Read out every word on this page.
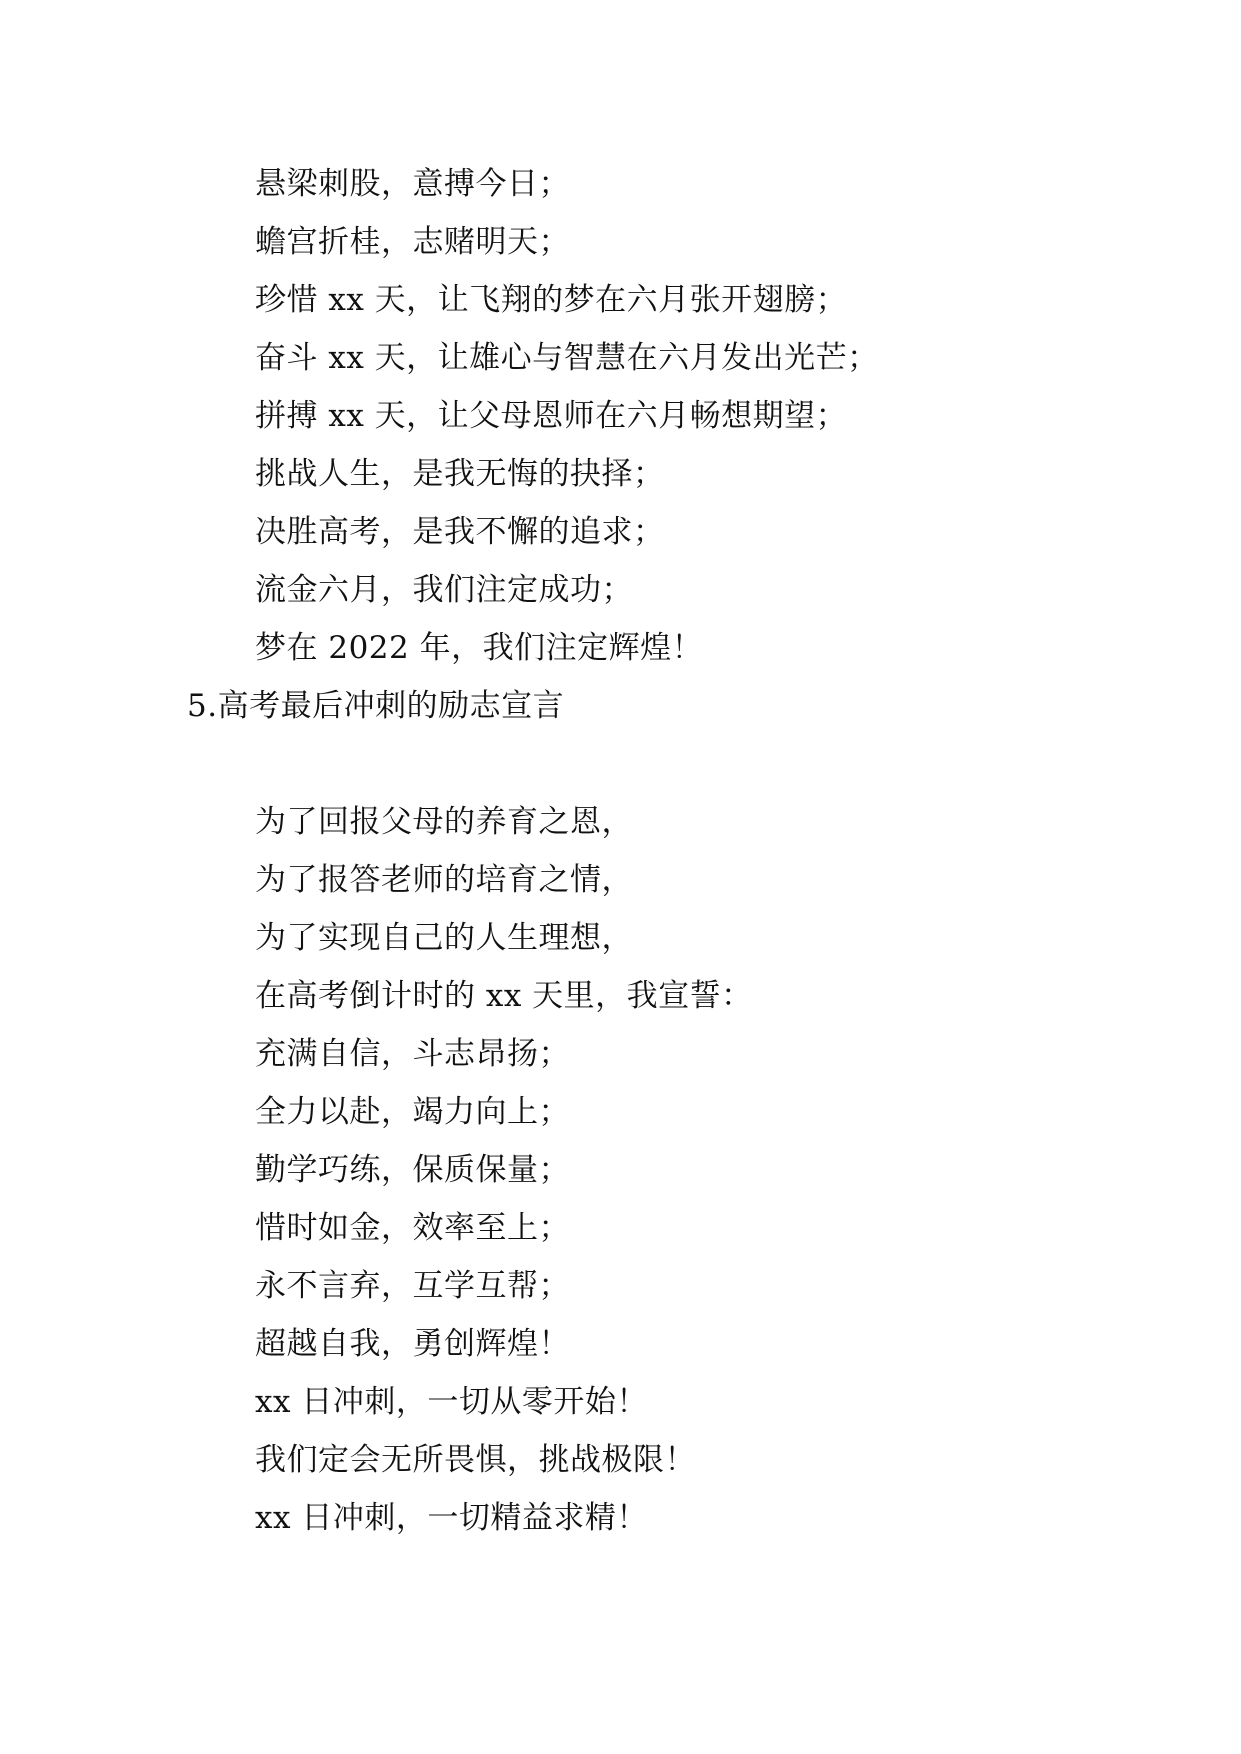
悬梁刺股，意搏今日；
蟾宫折桂，志赌明天；
珍惜 xx 天，让飞翔的梦在六月张开翅膀；
奋斗 xx 天，让雄心与智慧在六月发出光芒；
拼搏 xx 天，让父母恩师在六月畅想期望；
挑战人生，是我无悔的抉择；
决胜高考，是我不懈的追求；
流金六月，我们注定成功；
梦在 2022 年，我们注定辉煌！
5.高考最后冲刺的励志宣言
为了回报父母的养育之恩，
为了报答老师的培育之情，
为了实现自己的人生理想，
在高考倒计时的 xx 天里，我宣誓：
充满自信，斗志昂扬；
全力以赴，竭力向上；
勤学巧练，保质保量；
惜时如金，效率至上；
永不言弃，互学互帮；
超越自我，勇创辉煌！
xx 日冲刺，一切从零开始！
我们定会无所畏惧，挑战极限！
xx 日冲刺，一切精益求精！
